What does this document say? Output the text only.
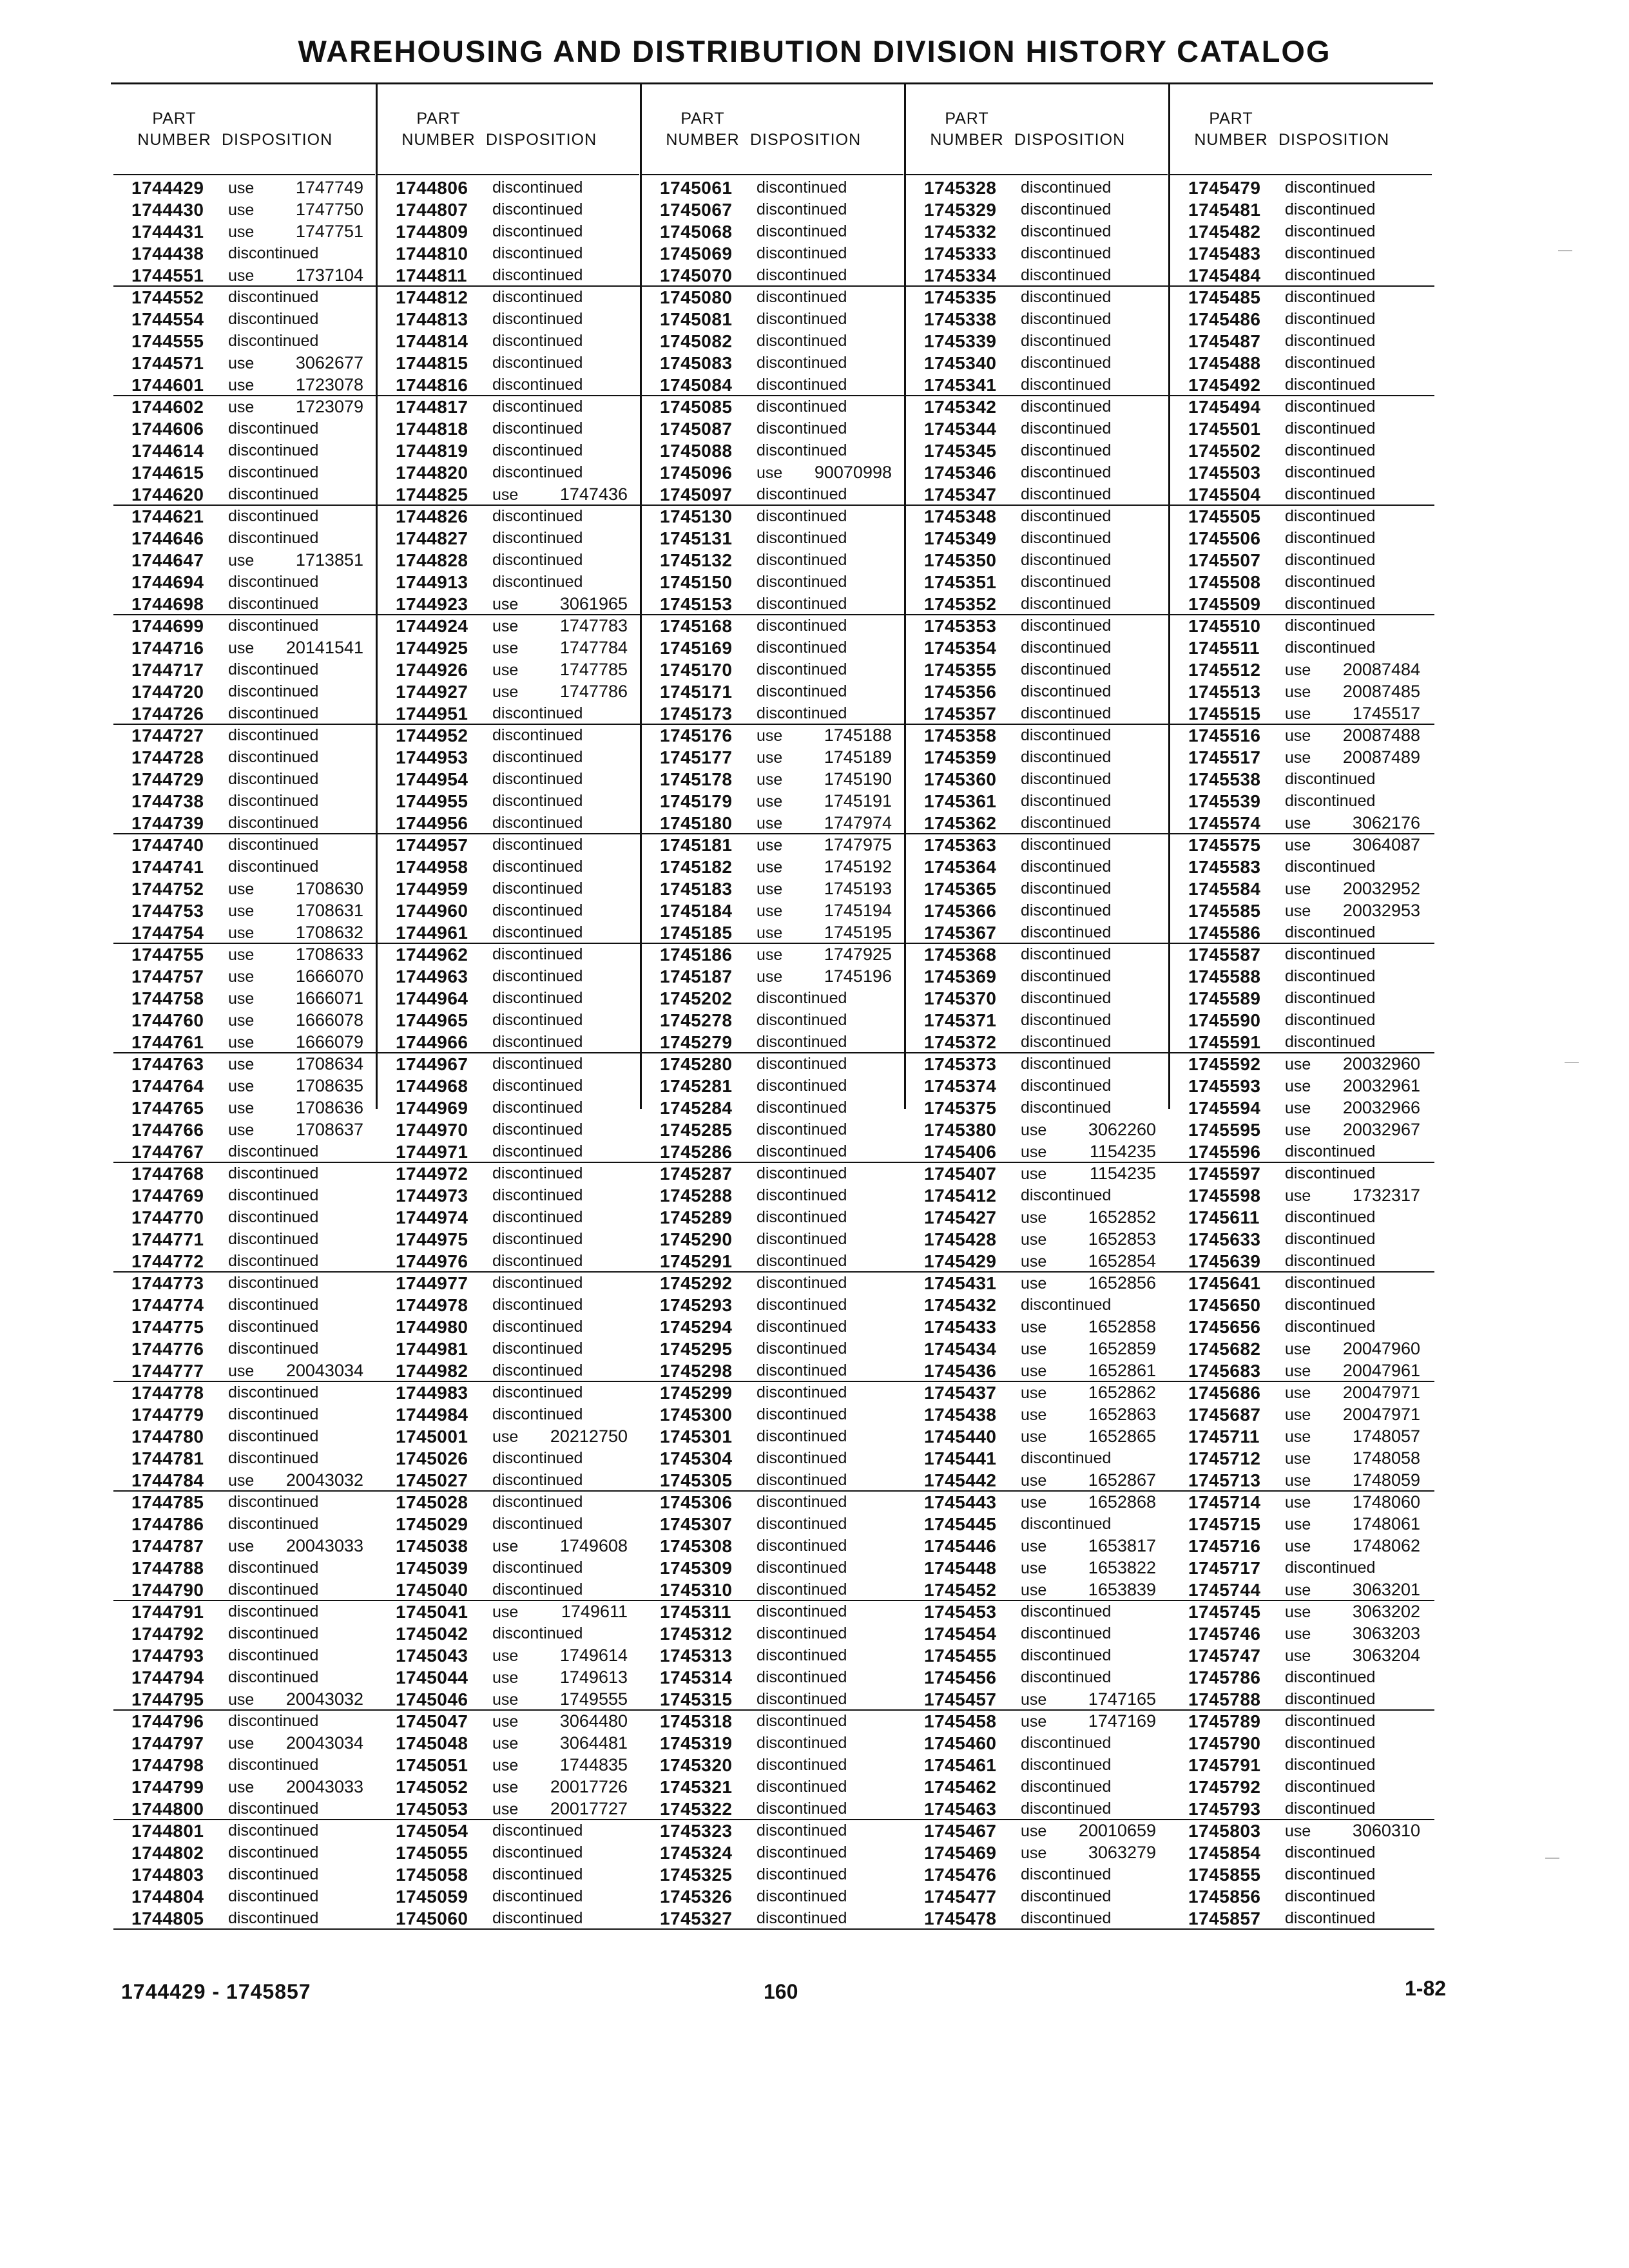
WAREHOUSING AND DISTRIBUTION DIVISION HISTORY CATALOG
PART
NUMBER DISPOSITION
1744429 use 1747749
1744430 use 1747750
1744431 use 1747751
1744438 discontinued
1744551 use 1737104
1744552 discontinued
1744554 discontinued
1744555 discontinued
1744571 use 3062677
1744601 use 1723078
1744602 use 1723079
1744606 discontinued
1744614 discontinued
1744615 discontinued
1744620 discontinued
1744621 discontinued
1744646 discontinued
1744647 use 1713851
1744694 discontinued
1744698 discontinued
1744699 discontinued
1744716 use 20141541
1744717 discontinued
1744720 discontinued
1744726 discontinued
1744727 discontinued
1744728 discontinued
1744729 discontinued
1744738 discontinued
1744739 discontinued
1744740 discontinued
1744741 discontinued
1744752 use 1708630
1744753 use 1708631
1744754 use 1708632
1744755 use 1708633
1744757 use 1666070
1744758 use 1666071
1744760 use 1666078
1744761 use 1666079
1744763 use 1708634
1744764 use 1708635
1744765 use 1708636
1744766 use 1708637
1744767 discontinued
1744768 discontinued
1744769 discontinued
1744770 discontinued
1744771 discontinued
1744772 discontinued
1744773 discontinued
1744774 discontinued
1744775 discontinued
1744776 discontinued
1744777 use 20043034
1744778 discontinued
1744779 discontinued
1744780 discontinued
1744781 discontinued
1744784 use 20043032
1744785 discontinued
1744786 discontinued
1744787 use 20043033
1744788 discontinued
1744790 discontinued
1744791 discontinued
1744792 discontinued
1744793 discontinued
1744794 discontinued
1744795 use 20043032
1744796 discontinued
1744797 use 20043034
1744798 discontinued
1744799 use 20043033
1744800 discontinued
1744801 discontinued
1744802 discontinued
1744803 discontinued
1744804 discontinued
1744805 discontinued
PART
NUMBER DISPOSITION
1744806 discontinued
1744807 discontinued
1744809 discontinued
1744810 discontinued
1744811 discontinued
1744812 discontinued
1744813 discontinued
1744814 discontinued
1744815 discontinued
1744816 discontinued
1744817 discontinued
1744818 discontinued
1744819 discontinued
1744820 discontinued
1744825 use 1747436
1744826 discontinued
1744827 discontinued
1744828 discontinued
1744913 discontinued
1744923 use 3061965
1744924 use 1747783
1744925 use 1747784
1744926 use 1747785
1744927 use 1747786
1744951 discontinued
1744952 discontinued
1744953 discontinued
1744954 discontinued
1744955 discontinued
1744956 discontinued
1744957 discontinued
1744958 discontinued
1744959 discontinued
1744960 discontinued
1744961 discontinued
1744962 discontinued
1744963 discontinued
1744964 discontinued
1744965 discontinued
1744966 discontinued
1744967 discontinued
1744968 discontinued
1744969 discontinued
1744970 discontinued
1744971 discontinued
1744972 discontinued
1744973 discontinued
1744974 discontinued
1744975 discontinued
1744976 discontinued
1744977 discontinued
1744978 discontinued
1744980 discontinued
1744981 discontinued
1744982 discontinued
1744983 discontinued
1744984 discontinued
1745001 use 20212750
1745026 discontinued
1745027 discontinued
1745028 discontinued
1745029 discontinued
1745038 use 1749608
1745039 discontinued
1745040 discontinued
1745041 use 1749611
1745042 discontinued
1745043 use 1749614
1745044 use 1749613
1745046 use 1749555
1745047 use 3064480
1745048 use 3064481
1745051 use 1744835
1745052 use 20017726
1745053 use 20017727
1745054 discontinued
1745055 discontinued
1745058 discontinued
1745059 discontinued
1745060 discontinued
PART
NUMBER DISPOSITION
1745061 discontinued
1745067 discontinued
1745068 discontinued
1745069 discontinued
1745070 discontinued
1745080 discontinued
1745081 discontinued
1745082 discontinued
1745083 discontinued
1745084 discontinued
1745085 discontinued
1745087 discontinued
1745088 discontinued
1745096 use 90070998
1745097 discontinued
1745130 discontinued
1745131 discontinued
1745132 discontinued
1745150 discontinued
1745153 discontinued
1745168 discontinued
1745169 discontinued
1745170 discontinued
1745171 discontinued
1745173 discontinued
1745176 use 1745188
1745177 use 1745189
1745178 use 1745190
1745179 use 1745191
1745180 use 1747974
1745181 use 1747975
1745182 use 1745192
1745183 use 1745193
1745184 use 1745194
1745185 use 1745195
1745186 use 1747925
1745187 use 1745196
1745202 discontinued
1745278 discontinued
1745279 discontinued
1745280 discontinued
1745281 discontinued
1745284 discontinued
1745285 discontinued
1745286 discontinued
1745287 discontinued
1745288 discontinued
1745289 discontinued
1745290 discontinued
1745291 discontinued
1745292 discontinued
1745293 discontinued
1745294 discontinued
1745295 discontinued
1745298 discontinued
1745299 discontinued
1745300 discontinued
1745301 discontinued
1745304 discontinued
1745305 discontinued
1745306 discontinued
1745307 discontinued
1745308 discontinued
1745309 discontinued
1745310 discontinued
1745311 discontinued
1745312 discontinued
1745313 discontinued
1745314 discontinued
1745315 discontinued
1745318 discontinued
1745319 discontinued
1745320 discontinued
1745321 discontinued
1745322 discontinued
1745323 discontinued
1745324 discontinued
1745325 discontinued
1745326 discontinued
1745327 discontinued
PART
NUMBER DISPOSITION
1745328 discontinued
1745329 discontinued
1745332 discontinued
1745333 discontinued
1745334 discontinued
1745335 discontinued
1745338 discontinued
1745339 discontinued
1745340 discontinued
1745341 discontinued
1745342 discontinued
1745344 discontinued
1745345 discontinued
1745346 discontinued
1745347 discontinued
1745348 discontinued
1745349 discontinued
1745350 discontinued
1745351 discontinued
1745352 discontinued
1745353 discontinued
1745354 discontinued
1745355 discontinued
1745356 discontinued
1745357 discontinued
1745358 discontinued
1745359 discontinued
1745360 discontinued
1745361 discontinued
1745362 discontinued
1745363 discontinued
1745364 discontinued
1745365 discontinued
1745366 discontinued
1745367 discontinued
1745368 discontinued
1745369 discontinued
1745370 discontinued
1745371 discontinued
1745372 discontinued
1745373 discontinued
1745374 discontinued
1745375 discontinued
1745380 use 3062260
1745406 use 1154235
1745407 use 1154235
1745412 discontinued
1745427 use 1652852
1745428 use 1652853
1745429 use 1652854
1745431 use 1652856
1745432 discontinued
1745433 use 1652858
1745434 use 1652859
1745436 use 1652861
1745437 use 1652862
1745438 use 1652863
1745440 use 1652865
1745441 discontinued
1745442 use 1652867
1745443 use 1652868
1745445 discontinued
1745446 use 1653817
1745448 use 1653822
1745452 use 1653839
1745453 discontinued
1745454 discontinued
1745455 discontinued
1745456 discontinued
1745457 use 1747165
1745458 use 1747169
1745460 discontinued
1745461 discontinued
1745462 discontinued
1745463 discontinued
1745467 use 20010659
1745469 use 3063279
1745476 discontinued
1745477 discontinued
1745478 discontinued
PART
NUMBER DISPOSITION
1745479 discontinued
1745481 discontinued
1745482 discontinued
1745483 discontinued
1745484 discontinued
1745485 discontinued
1745486 discontinued
1745487 discontinued
1745488 discontinued
1745492 discontinued
1745494 discontinued
1745501 discontinued
1745502 discontinued
1745503 discontinued
1745504 discontinued
1745505 discontinued
1745506 discontinued
1745507 discontinued
1745508 discontinued
1745509 discontinued
1745510 discontinued
1745511 discontinued
1745512 use 20087484
1745513 use 20087485
1745515 use 1745517
1745516 use 20087488
1745517 use 20087489
1745538 discontinued
1745539 discontinued
1745574 use 3062176
1745575 use 3064087
1745583 discontinued
1745584 use 20032952
1745585 use 20032953
1745586 discontinued
1745587 discontinued
1745588 discontinued
1745589 discontinued
1745590 discontinued
1745591 discontinued
1745592 use 20032960
1745593 use 20032961
1745594 use 20032966
1745595 use 20032967
1745596 discontinued
1745597 discontinued
1745598 use 1732317
1745611 discontinued
1745633 discontinued
1745639 discontinued
1745641 discontinued
1745650 discontinued
1745656 discontinued
1745682 use 20047960
1745683 use 20047961
1745686 use 20047971
1745687 use 20047971
1745711 use 1748057
1745712 use 1748058
1745713 use 1748059
1745714 use 1748060
1745715 use 1748061
1745716 use 1748062
1745717 discontinued
1745744 use 3063201
1745745 use 3063202
1745746 use 3063203
1745747 use 3063204
1745786 discontinued
1745788 discontinued
1745789 discontinued
1745790 discontinued
1745791 discontinued
1745792 discontinued
1745793 discontinued
1745803 use 3060310
1745854 discontinued
1745855 discontinued
1745856 discontinued
1745857 discontinued
1744429 - 1745857	160	1-82
